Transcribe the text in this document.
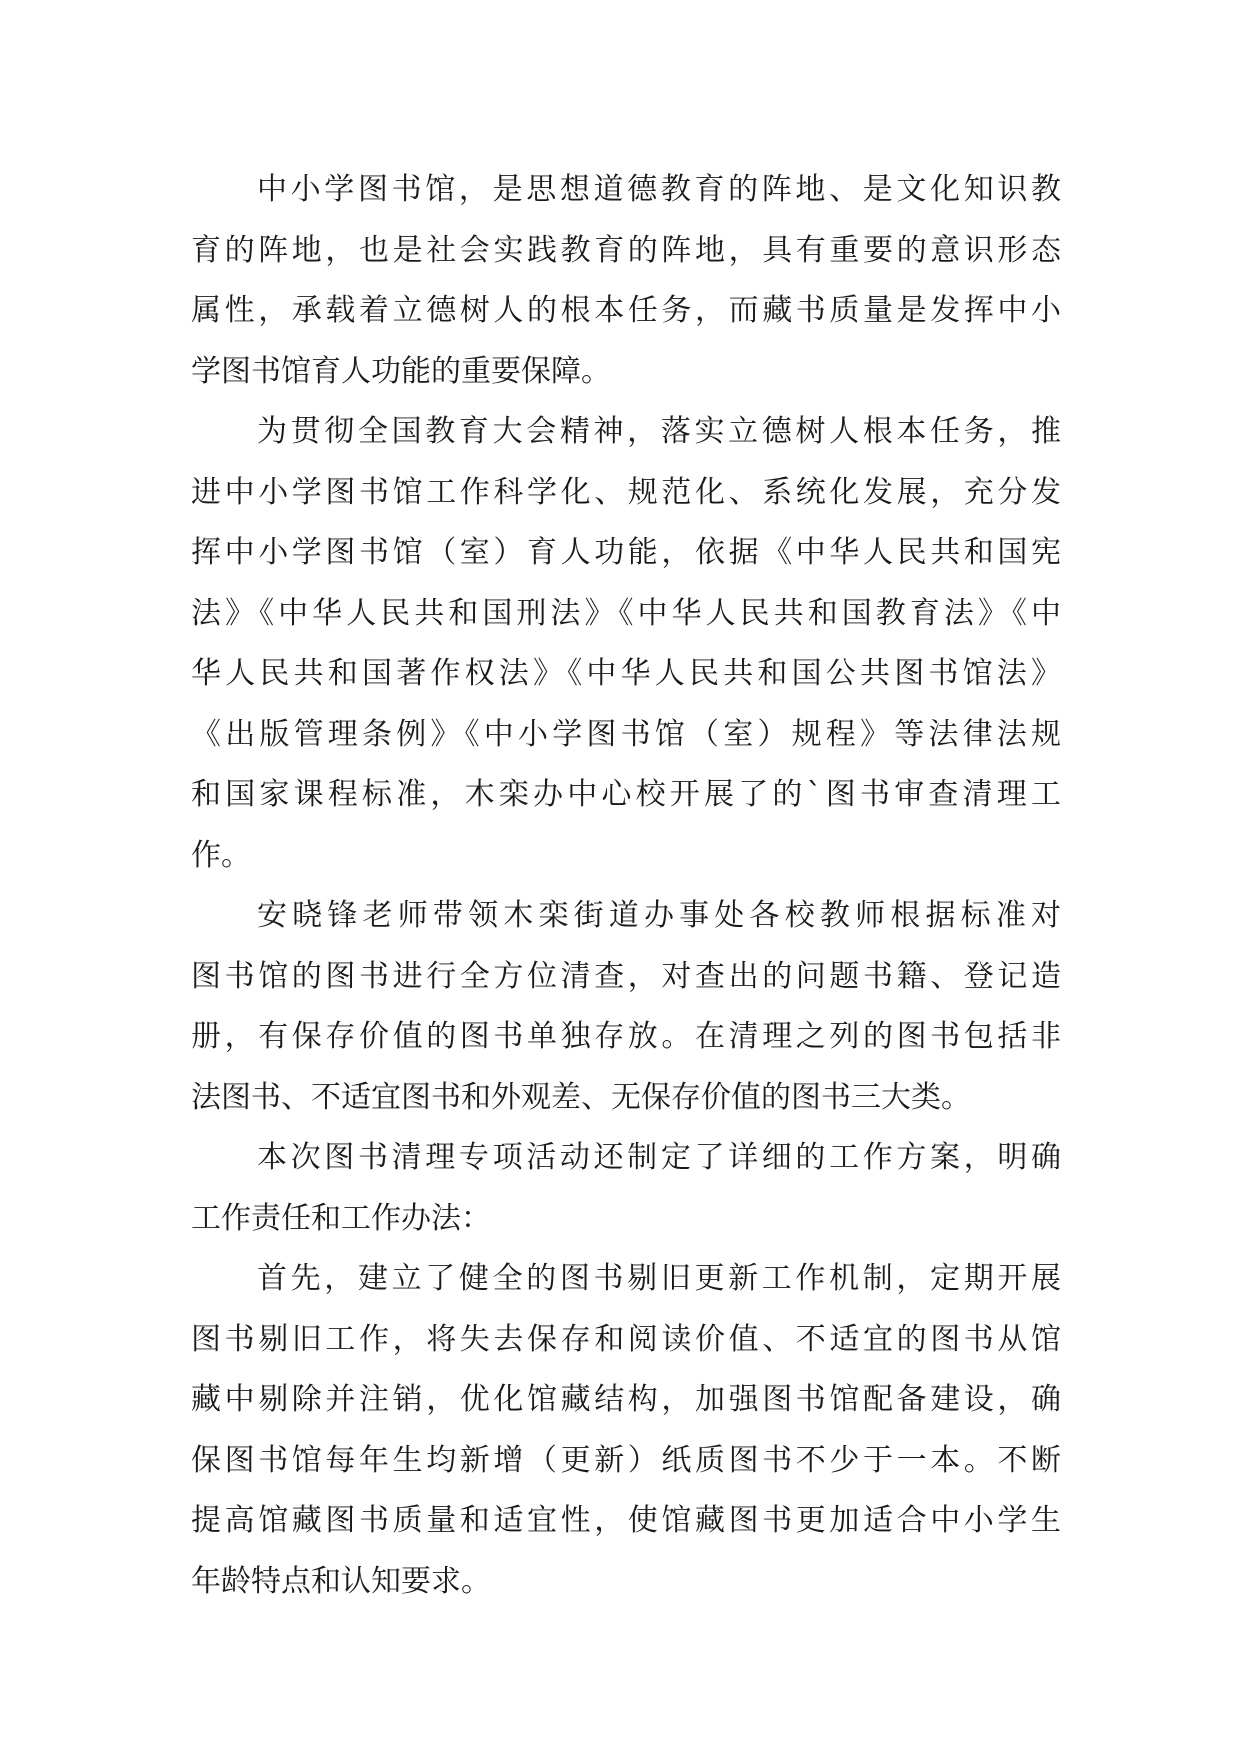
中小学图书馆，是思想道德教育的阵地、是文化知识教
育的阵地，也是社会实践教育的阵地，具有重要的意识形态
属性，承载着立德树人的根本任务，而藏书质量是发挥中小
学图书馆育人功能的重要保障。
为贯彻全国教育大会精神，落实立德树人根本任务，推
进中小学图书馆工作科学化、规范化、系统化发展，充分发
挥中小学图书馆（室）育人功能，依据《中华人民共和国宪
法》《中华人民共和国刑法》《中华人民共和国教育法》《中
华人民共和国著作权法》《中华人民共和国公共图书馆法》
《出版管理条例》《中小学图书馆（室）规程》等法律法规
和国家课程标准，木栾办中心校开展了的`图书审查清理工
作。
安晓锋老师带领木栾街道办事处各校教师根据标准对
图书馆的图书进行全方位清查，对查出的问题书籍、登记造
册，有保存价值的图书单独存放。在清理之列的图书包括非
法图书、不适宜图书和外观差、无保存价值的图书三大类。
本次图书清理专项活动还制定了详细的工作方案，明确
工作责任和工作办法：
首先，建立了健全的图书剔旧更新工作机制，定期开展
图书剔旧工作，将失去保存和阅读价值、不适宜的图书从馆
藏中剔除并注销，优化馆藏结构，加强图书馆配备建设，确
保图书馆每年生均新增（更新）纸质图书不少于一本。不断
提高馆藏图书质量和适宜性，使馆藏图书更加适合中小学生
年龄特点和认知要求。
